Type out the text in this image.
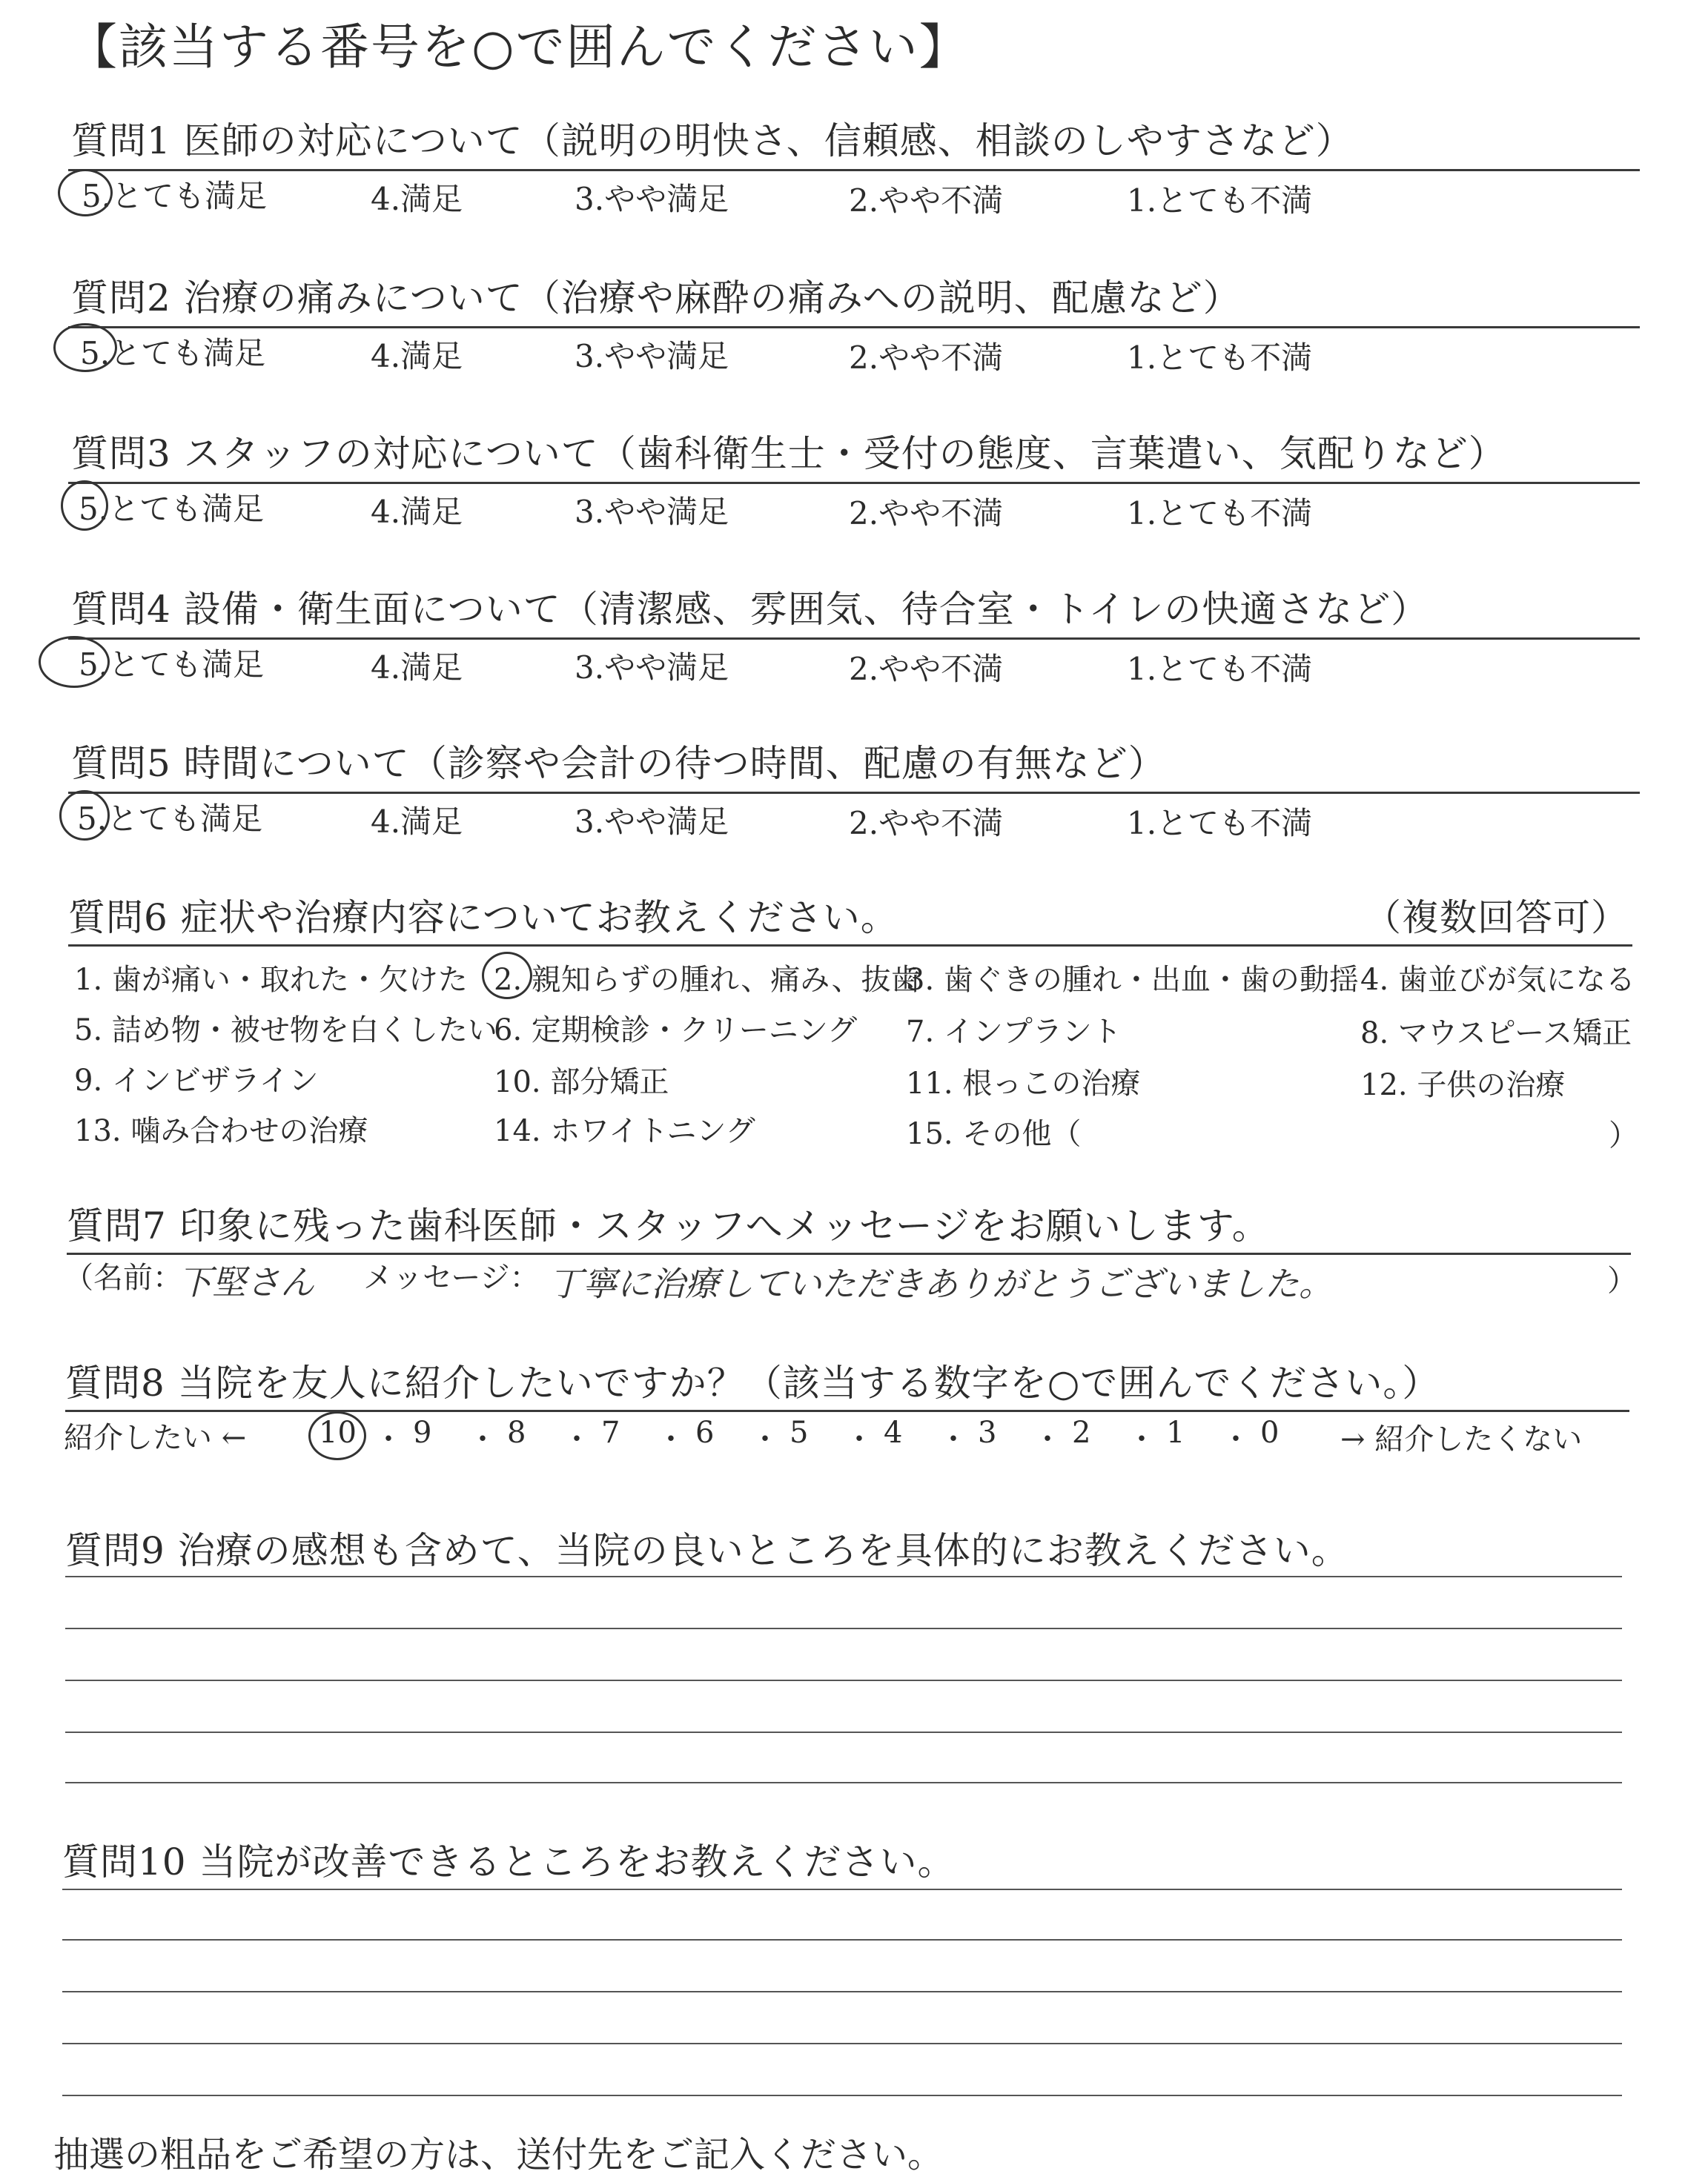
【該当する番号を○で囲んでください】
質問1 医師の対応について（説明の明快さ、信頼感、相談のしやすさなど）
5.とても満足	4.満足	3.やや満足	2.やや不満	1.とても不満
質問2 治療の痛みについて（治療や麻酔の痛みへの説明、配慮など）
5.とても満足	4.満足	3.やや満足	2.やや不満	1.とても不満
質問3 スタッフの対応について（歯科衛生士・受付の態度、言葉遣い、気配りなど）
5.とても満足	4.満足	3.やや満足	2.やや不満	1.とても不満
質問4 設備・衛生面について（清潔感、雰囲気、待合室・トイレの快適さなど）
5.とても満足	4.満足	3.やや満足	2.やや不満	1.とても不満
質問5 時間について（診察や会計の待つ時間、配慮の有無など）
5.とても満足	4.満足	3.やや満足	2.やや不満	1.とても不満
質問6 症状や治療内容についてお教えください。	（複数回答可）
1. 歯が痛い・取れた・欠けた 2. 親知らずの腫れ、痛み、抜歯
3. 歯ぐきの腫れ・出血・歯の動揺 4. 歯並びが気になる
5. 詰め物・被せ物を白くしたい
6. 定期検診・クリーニング 7. インプラント	8. マウスピース矯正
9. インビザライン	10. 部分矯正	11. 根っこの治療	12. 子供の治療
13. 噛み合わせの治療	14. ホワイトニング	15. その他（	）
質問7 印象に残った歯科医師・スタッフへメッセージをお願いします。
（名前：
下堅さん メッセージ： 丁寧に治療していただきありがとうございました。	）
質問8 当院を友人に紹介したいですか？（該当する数字を○で囲んでください。）
紹介したい ← 10 ・ 9 ・ 8 ・ 7 ・ 6 ・ 5 ・ 4 ・ 3 ・ 2 ・ 1 ・ 0 → 紹介したくない
質問9 治療の感想も含めて、当院の良いところを具体的にお教えください。
質問10 当院が改善できるところをお教えください。
抽選の粗品をご希望の方は、送付先をご記入ください。
